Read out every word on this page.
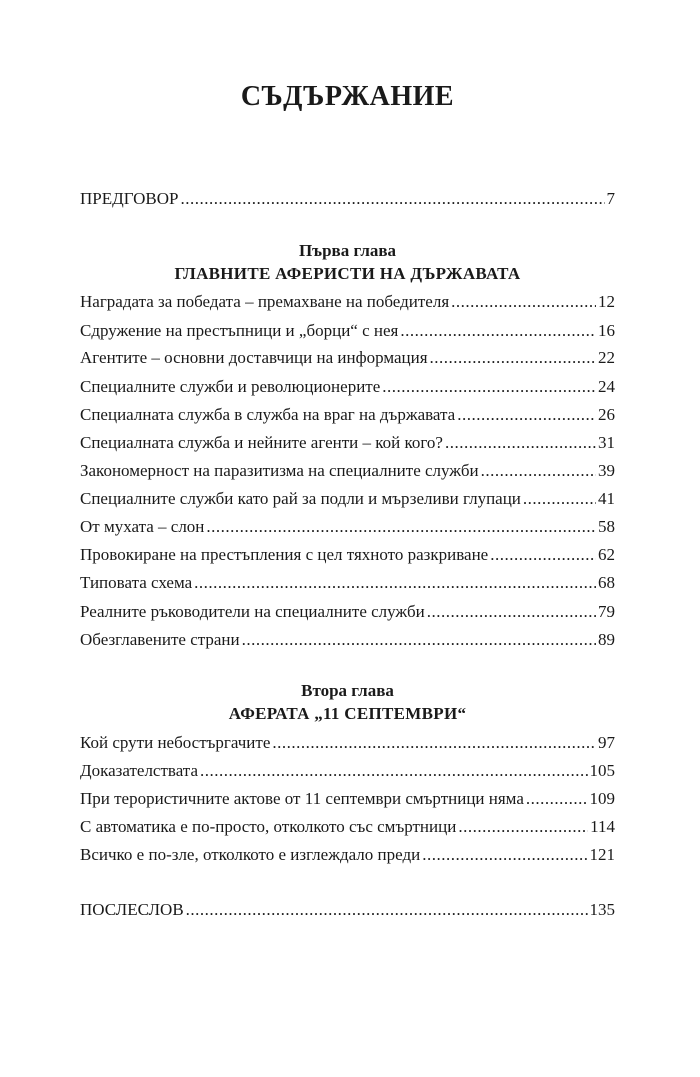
СЪДЪРЖАНИЕ
ПРЕДГОВОР .....	7
Първа глава
ГЛАВНИТЕ АФЕРИСТИ НА ДЪРЖАВАТА
Наградата за победата – премахване на победителя .....	12
Сдружение на престъпници и „борци“ с нея .....	16
Агентите – основни доставчици на информация .....	22
Специалните служби и революционерите .....	24
Специалната служба в служба на враг на държавата .....	26
Специалната служба и нейните агенти – кой кого? .....	31
Закономерност на паразитизма на специалните служби .....	39
Специалните служби като рай за подли и мързеливи глупаци .....	41
От мухата – слон .....	58
Провокиране на престъпления с цел тяхното разкриване .....	62
Типовата схема .....	68
Реалните ръководители на специалните служби .....	79
Обезглавените страни .....	89
Втора глава
АФЕРАТА „11 СЕПТЕМВРИ“
Кой срути небостъргачите .....	97
Доказателствата .....	105
При терористичните актове от 11 септември смъртници няма .....	109
С автоматика е по-просто, отколкото със смъртници .....	114
Всичко е по-зле, отколкото е изглеждало преди .....	121
ПОСЛЕСЛОВ .....	135
